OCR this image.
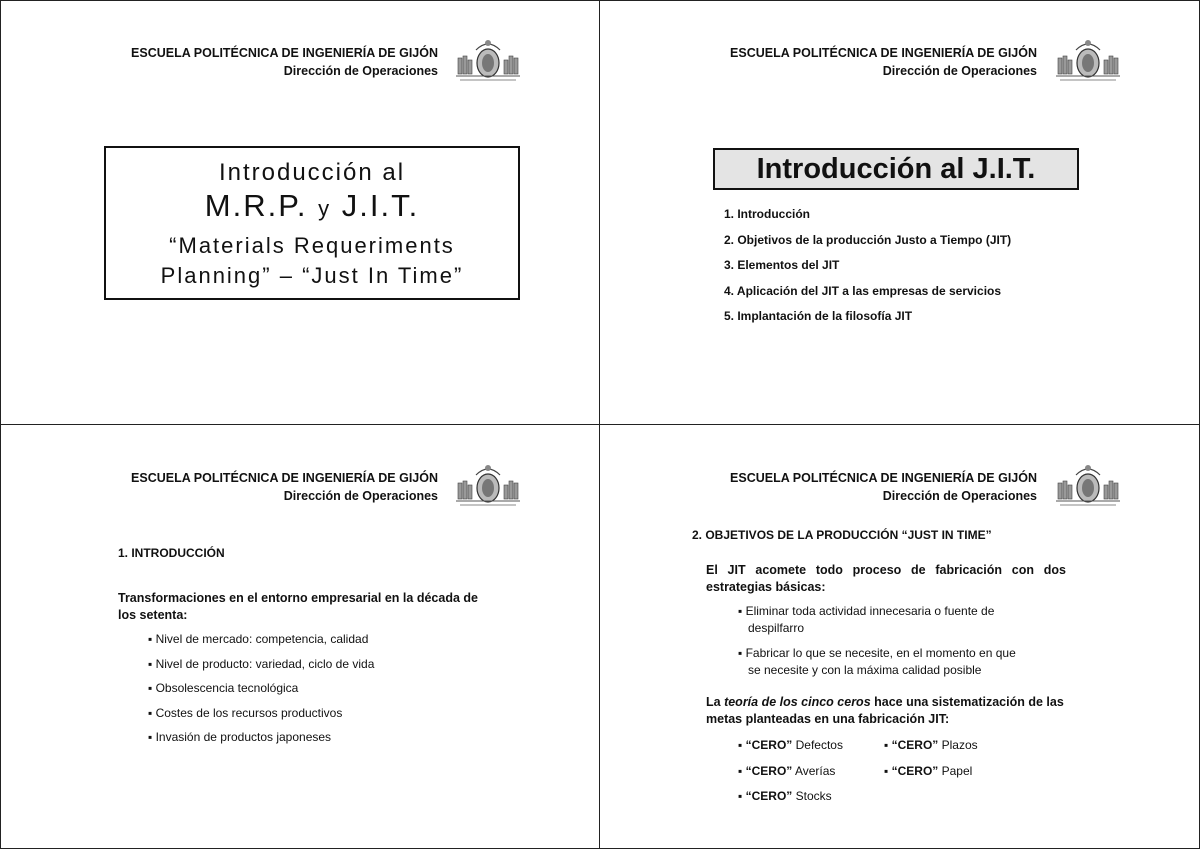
ESCUELA POLITÉCNICA DE INGENIERÍA DE GIJÓN
Dirección de Operaciones
Introducción al
M.R.P. y J.I.T.
“Materials Requeriments
Planning” – “Just In Time”
ESCUELA POLITÉCNICA DE INGENIERÍA DE GIJÓN
Dirección de Operaciones
Introducción al J.I.T.
1. Introducción
2. Objetivos de la producción Justo a Tiempo (JIT)
3. Elementos del JIT
4. Aplicación del JIT a las empresas de servicios
5. Implantación de la filosofía JIT
ESCUELA POLITÉCNICA DE INGENIERÍA DE GIJÓN
Dirección de Operaciones
1. INTRODUCCIÓN
Transformaciones en el entorno empresarial en la década de los setenta:
▪ Nivel de mercado: competencia, calidad
▪ Nivel de producto: variedad, ciclo de vida
▪ Obsolescencia tecnológica
▪ Costes de los recursos productivos
▪ Invasión de productos japoneses
ESCUELA POLITÉCNICA DE INGENIERÍA DE GIJÓN
Dirección de Operaciones
2. OBJETIVOS DE LA PRODUCCIÓN “JUST IN TIME”
El JIT acomete todo proceso de fabricación con dos estrategias básicas:
▪ Eliminar toda actividad innecesaria o fuente de
despilfarro
▪ Fabricar lo que se necesite, en el momento en que
se necesite y con la máxima calidad posible
La teoría de los cinco ceros hace una sistematización de las metas planteadas en una fabricación JIT:
▪ “CERO” Defectos	▪ “CERO” Plazos
▪ “CERO” Averías	▪ “CERO” Papel
▪ “CERO” Stocks
